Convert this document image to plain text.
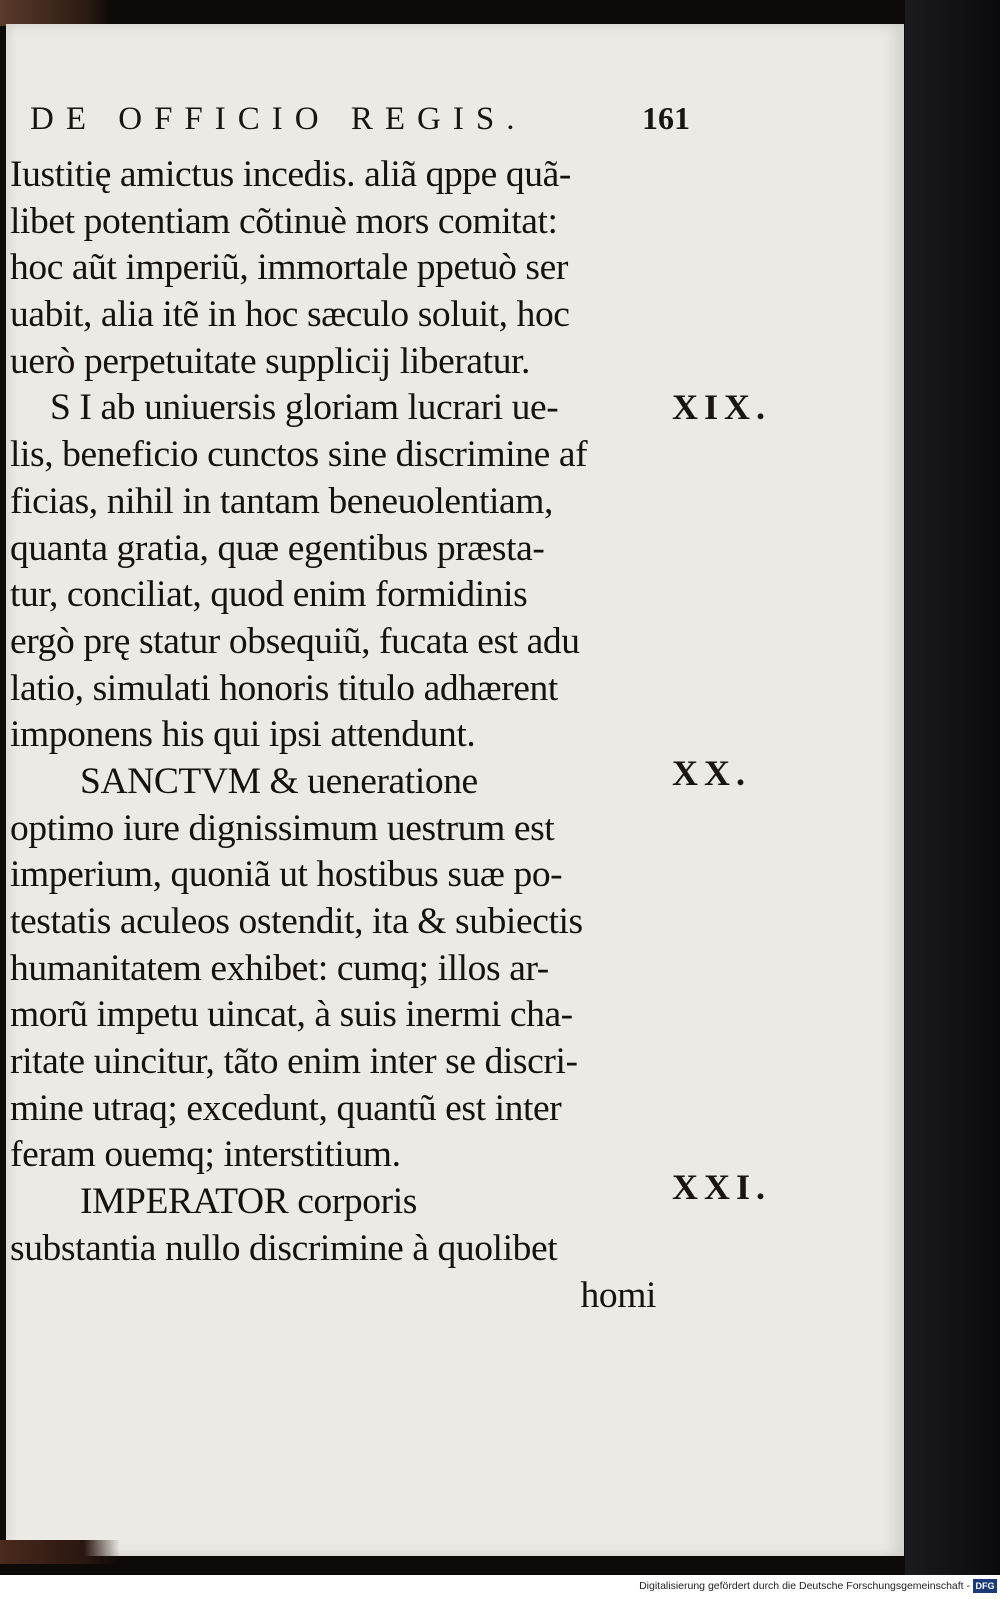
DE OFFICIO REGIS.	161
Iustitię amictus incedis. aliã qppe quã-
libet potentiam cõtinuè mors comitat:
hoc aũt imperiũ, immortale ppetuò ser
uabit, alia itẽ in hoc sæculo soluit, hoc
uerò perpetuitate supplicij liberatur.
S I ab uniuersis gloriam lucrari ue-
lis, beneficio cunctos sine discrimine af
ficias, nihil in tantam beneuolentiam,
quanta gratia, quæ egentibus præsta-
tur, conciliat, quod enim formidinis
ergò prę statur obsequiũ, fucata est adu
latio, simulati honoris titulo adhærent
imponens his qui ipsi attendunt.
SANCTVM & ueneratione
optimo iure dignissimum uestrum est
imperium, quoniã ut hostibus suæ po-
testatis aculeos ostendit, ita & subiectis
humanitatem exhibet: cumq; illos ar-
morũ impetu uincat, à suis inermi cha-
ritate uincitur, tãto enim inter se discri-
mine utraq; excedunt, quantũ est inter
feram ouemq; interstitium.
IMPERATOR corporis
substantia nullo discrimine à quolibet
homi
XIX.
XX.
XXI.
Digitalisierung gefördert durch die Deutsche Forschungsgemeinschaft - DFG
